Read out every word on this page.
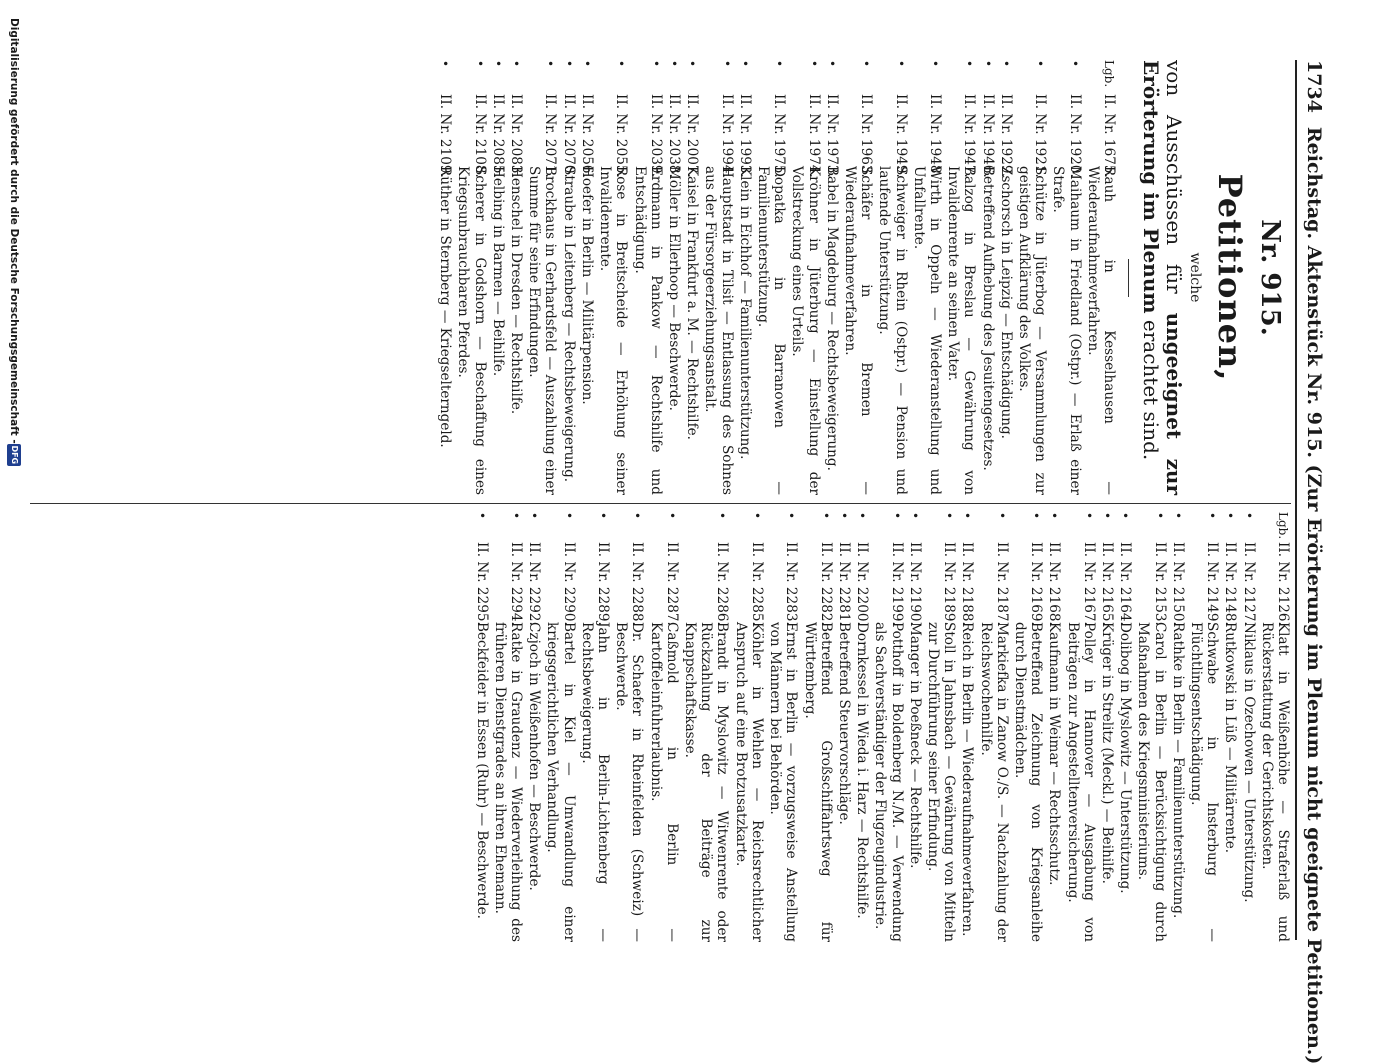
1734
Reichstag. Aktenstück Nr. 915. (Zur Erörterung im Plenum nicht geeignete Petitionen.)
Nr. 915.
Petitionen,
welche
von Ausschüssen für ungeeignet zur Erörterung im Plenum erachtet sind.
Lgb.
II. Nr. 1675.
Rauh in Kesselhausen — Wiederaufnahmeverfahren.
•
II. Nr. 1920.
Maihaum in Friedland (Ostpr.) — Erlaß einer Strafe.
•
II. Nr. 1921.
Schütze in Jüterbog — Versammlungen zur geistigen Aufklärung des Volkes.
•
II. Nr. 1929.
Zschorsch in Leipzig — Entschädigung.
•
II. Nr. 1946.
Betreffend Aufhebung des Jesuitengesetzes.
•
II. Nr. 1947.
Balzog in Breslau — Gewährung von Invalidenrente an seinen Vater.
•
II. Nr. 1948.
Wirth in Oppeln — Wiederanstellung und Unfallrente.
•
II. Nr. 1949.
Schweiger in Rhein (Ostpr.) — Pension und laufende Unterstützung.
•
II. Nr. 1963.
Schäfer in Bremen — Wiederaufnahmeverfahren.
•
II. Nr. 1973.
Babel in Magdeburg — Rechtsbeweigerung.
•
II. Nr. 1974.
Kröhner in Jüterburg — Einstellung der Vollstreckung eines Urteils.
•
II. Nr. 1975.
Dopatka in Barranowen — Familienunterstützung.
•
II. Nr. 1993.
Klein in Eichhof — Familienunterstützung.
•
II. Nr. 1994.
Hauptstadt in Tilsit — Entlassung des Sohnes aus der Fürsorgeerziehungsanstalt.
•
II. Nr. 2007.
Kaisel in Frankfurt a. M. — Rechtshilfe.
•
II. Nr. 2038.
Möller in Ellerhoop — Beschwerde.
•
II. Nr. 2039.
Erdmann in Pankow — Rechtshilfe und Entschädigung.
•
II. Nr. 2055.
Rose in Breitscheide — Erhöhung seiner Invalidenrente.
•
II. Nr. 2056.
Hoefer in Berlin — Militärpension.
•
II. Nr. 2070.
Straube in Leitenberg — Rechtsbeweigerung.
•
II. Nr. 2071.
Brockhaus in Gerhardsfeld — Auszahlung einer Summe für seine Erfindungen.
•
II. Nr. 2083.
Henschel in Dresden — Rechtshilfe.
•
II. Nr. 2085.
Helbing in Barmen — Beihilfe.
•
II. Nr. 2108.
Scherer in Godshorn — Beschaffung eines Kriegsunbrauchbaren Pferdes.
•
II. Nr. 2109.
Rüther in Sternberg — Kriegselterngeld.
Lgb.
II. Nr. 2126.
Klatt in Weißenhöhe — Straferlaß und Rückerstattung der Gerichtskosten.
•
II. Nr. 2127.
Niklaus in Ozechowen — Unterstützung.
•
II. Nr. 2148.
Rutkowski in Lüß — Militärrente.
•
II. Nr. 2149.
Schwabe in Insterburg — Flüchtlingsentschädigung.
•
II. Nr. 2150.
Rathke in Berlin — Familienunterstützung.
•
II. Nr. 2153.
Carol in Berlin — Berücksichtigung durch Maßnahmen des Kriegsministeriums.
•
II. Nr. 2164.
Dolibog in Myslowitz — Unterstützung.
•
II. Nr. 2165.
Krüger in Strelitz (Meckl.) — Beihilfe.
•
II. Nr. 2167.
Polley in Hannover — Ausgabung von Beiträgen zur Angestelltenversicherung.
•
II. Nr. 2168.
Kaufmann in Weimar — Rechtsschutz.
•
II. Nr. 2169.
Betreffend Zeichnung von Kriegsanleihe durch Dienstmädchen.
•
II. Nr. 2187.
Markiefka in Zanow O./S. — Nachzahlung der Reichswochenhilfe.
•
II. Nr. 2188.
Reich in Berlin — Wiederaufnahmeverfahren.
•
II. Nr. 2189.
Stoll in Jahnsbach — Gewährung von Mitteln zur Durchführung seiner Erfindung.
•
II. Nr. 2190.
Manger in Poeßneck — Rechtshilfe.
•
II. Nr. 2199.
Potthoff in Boldenberg N./M. — Verwendung als Sachverständiger der Flugzeugindustrie.
•
II. Nr. 2200.
Dornkessel in Wieda i. Harz — Rechtshilfe.
•
II. Nr. 2281.
Betreffend Steuervorschläge.
•
II. Nr. 2282.
Betreffend Großschiffahrtsweg für Württemberg.
•
II. Nr. 2283.
Ernst in Berlin — vorzugsweise Anstellung von Männern bei Behörden.
•
II. Nr. 2285.
Köhler in Wehlen — Reichsrechtlicher Anspruch auf eine Brotzusatzkarte.
•
II. Nr. 2286.
Brandt in Myslowitz — Witwenrente oder Rückzahlung der Beiträge zur Knappschaftskasse.
•
II. Nr. 2287.
Caßmold in Berlin — Kartoffeleinfuhrerlaubnis.
•
II. Nr. 2288.
Dr. Schaefer in Rheinfelden (Schweiz) — Beschwerde.
•
II. Nr. 2289.
Jahn in Berlin-Lichtenberg — Rechtsbeweigerung.
•
II. Nr. 2290.
Bartel in Kiel — Umwandlung einer kriegsgerichtlichen Verhandlung.
•
II. Nr. 2292.
Czjoch in Weißenhofen — Beschwerde.
•
II. Nr. 2294.
Ratke in Graudenz — Wiederverleihung des früheren Dienstgrades an ihren Ehemann.
•
II. Nr. 2295.
Beckfeider in Essen (Ruhr) — Beschwerde.
Digitalisierung gefördert durch die Deutsche Forschungsgemeinschaft -
DFG
